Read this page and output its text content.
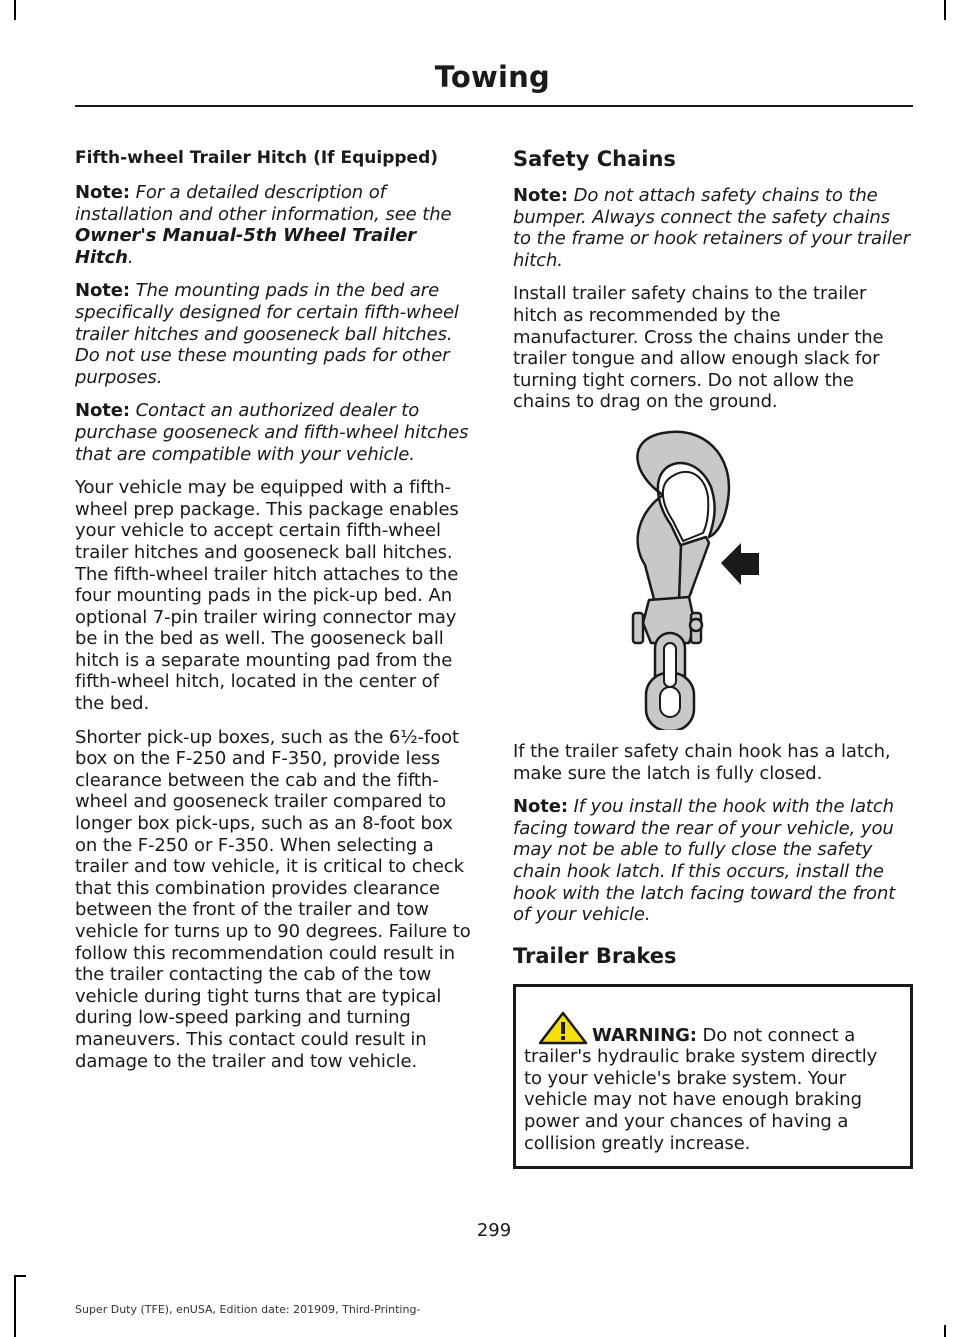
Towing
Fifth-wheel Trailer Hitch (If Equipped)

Note: For a detailed description of installation and other information, see the Owner's Manual-5th Wheel Trailer Hitch.

Note: The mounting pads in the bed are specifically designed for certain fifth-wheel trailer hitches and gooseneck ball hitches. Do not use these mounting pads for other purposes.

Note: Contact an authorized dealer to purchase gooseneck and fifth-wheel hitches that are compatible with your vehicle.

Your vehicle may be equipped with a fifth-wheel prep package. This package enables your vehicle to accept certain fifth-wheel trailer hitches and gooseneck ball hitches. The fifth-wheel trailer hitch attaches to the four mounting pads in the pick-up bed. An optional 7-pin trailer wiring connector may be in the bed as well. The gooseneck ball hitch is a separate mounting pad from the fifth-wheel hitch, located in the center of the bed.

Shorter pick-up boxes, such as the 6½-foot box on the F-250 and F-350, provide less clearance between the cab and the fifth-wheel and gooseneck trailer compared to longer box pick-ups, such as an 8-foot box on the F-250 or F-350. When selecting a trailer and tow vehicle, it is critical to check that this combination provides clearance between the front of the trailer and tow vehicle for turns up to 90 degrees. Failure to follow this recommendation could result in the trailer contacting the cab of the tow vehicle during tight turns that are typical during low-speed parking and turning maneuvers. This contact could result in damage to the trailer and tow vehicle.

Safety Chains

Note: Do not attach safety chains to the bumper. Always connect the safety chains to the frame or hook retainers of your trailer hitch.

Install trailer safety chains to the trailer hitch as recommended by the manufacturer. Cross the chains under the trailer tongue and allow enough slack for turning tight corners. Do not allow the chains to drag on the ground.

If the trailer safety chain hook has a latch, make sure the latch is fully closed.

Note: If you install the hook with the latch facing toward the rear of your vehicle, you may not be able to fully close the safety chain hook latch. If this occurs, install the hook with the latch facing toward the front of your vehicle.

Trailer Brakes

WARNING: Do not connect a trailer's hydraulic brake system directly to your vehicle's brake system. Your vehicle may not have enough braking power and your chances of having a collision greatly increase.

299
Super Duty (TFE), enUSA, Edition date: 201909, Third-Printing-
